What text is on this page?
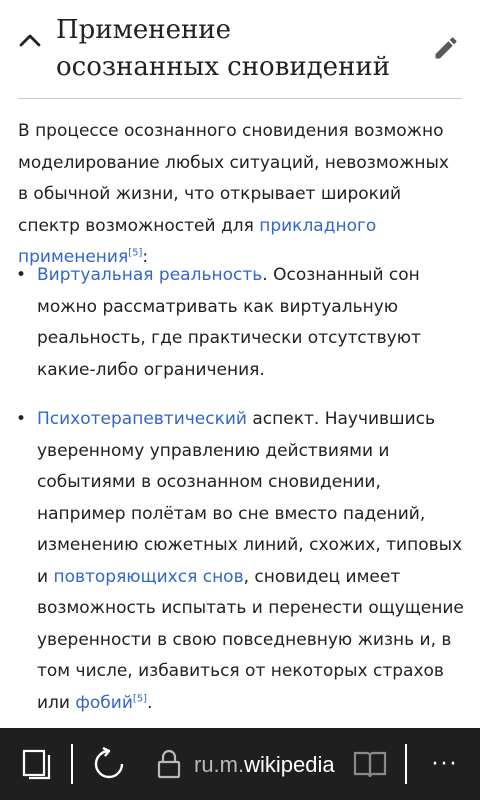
Применение осознанных сновидений

В процессе осознанного сновидения возможно моделирование любых ситуаций, невозможных в обычной жизни, что открывает широкий спектр возможностей для прикладного применения[5]:

• Виртуальная реальность. Осознанный сон можно рассматривать как виртуальную реальность, где практически отсутствуют какие-либо ограничения.
• Психотерапевтический аспект. Научившись уверенному управлению действиями и событиями в осознанном сновидении, например полётам во сне вместо падений, изменению сюжетных линий, схожих, типовых и повторяющихся снов, сновидец имеет возможность испытать и перенести ощущение уверенности в свою повседневную жизнь и, в том числе, избавиться от некоторых страхов или фобий[5].
ru.m.wikipedia	···
